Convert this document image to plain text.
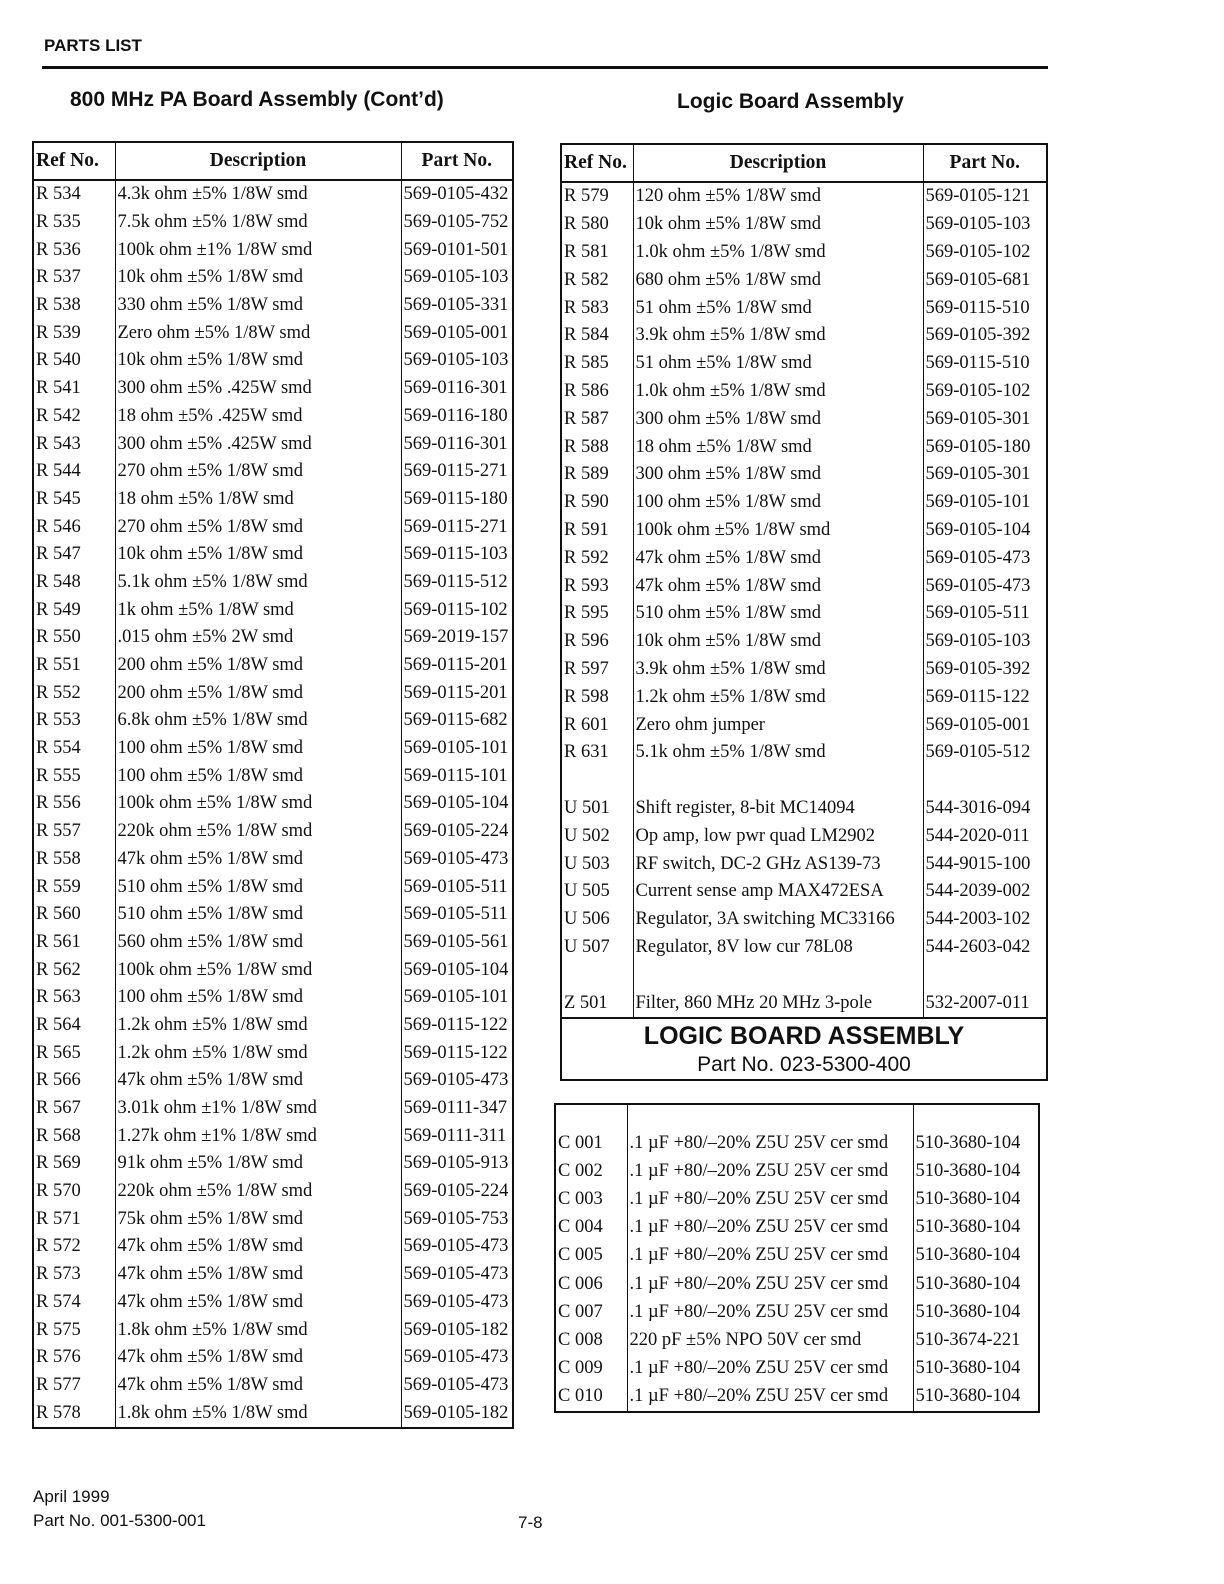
PARTS LIST
800 MHz PA Board Assembly (Cont’d)	Logic Board Assembly
Ref No.	Description	Part No.
R 534	4.3k ohm ±5% 1/8W smd	569-0105-432
R 535	7.5k ohm ±5% 1/8W smd	569-0105-752
R 536	100k ohm ±1% 1/8W smd	569-0101-501
R 537	10k ohm ±5% 1/8W smd	569-0105-103
R 538	330 ohm ±5% 1/8W smd	569-0105-331
R 539	Zero ohm ±5% 1/8W smd	569-0105-001
R 540	10k ohm ±5% 1/8W smd	569-0105-103
R 541	300 ohm ±5% .425W smd	569-0116-301
R 542	18 ohm ±5% .425W smd	569-0116-180
R 543	300 ohm ±5% .425W smd	569-0116-301
R 544	270 ohm ±5% 1/8W smd	569-0115-271
R 545	18 ohm ±5% 1/8W smd	569-0115-180
R 546	270 ohm ±5% 1/8W smd	569-0115-271
R 547	10k ohm ±5% 1/8W smd	569-0115-103
R 548	5.1k ohm ±5% 1/8W smd	569-0115-512
R 549	1k ohm ±5% 1/8W smd	569-0115-102
R 550	.015 ohm ±5% 2W smd	569-2019-157
R 551	200 ohm ±5% 1/8W smd	569-0115-201
R 552	200 ohm ±5% 1/8W smd	569-0115-201
R 553	6.8k ohm ±5% 1/8W smd	569-0115-682
R 554	100 ohm ±5% 1/8W smd	569-0105-101
R 555	100 ohm ±5% 1/8W smd	569-0115-101
R 556	100k ohm ±5% 1/8W smd	569-0105-104
R 557	220k ohm ±5% 1/8W smd	569-0105-224
R 558	47k ohm ±5% 1/8W smd	569-0105-473
R 559	510 ohm ±5% 1/8W smd	569-0105-511
R 560	510 ohm ±5% 1/8W smd	569-0105-511
R 561	560 ohm ±5% 1/8W smd	569-0105-561
R 562	100k ohm ±5% 1/8W smd	569-0105-104
R 563	100 ohm ±5% 1/8W smd	569-0105-101
R 564	1.2k ohm ±5% 1/8W smd	569-0115-122
R 565	1.2k ohm ±5% 1/8W smd	569-0115-122
R 566	47k ohm ±5% 1/8W smd	569-0105-473
R 567	3.01k ohm ±1% 1/8W smd	569-0111-347
R 568	1.27k ohm ±1% 1/8W smd	569-0111-311
R 569	91k ohm ±5% 1/8W smd	569-0105-913
R 570	220k ohm ±5% 1/8W smd	569-0105-224
R 571	75k ohm ±5% 1/8W smd	569-0105-753
R 572	47k ohm ±5% 1/8W smd	569-0105-473
R 573	47k ohm ±5% 1/8W smd	569-0105-473
R 574	47k ohm ±5% 1/8W smd	569-0105-473
R 575	1.8k ohm ±5% 1/8W smd	569-0105-182
R 576	47k ohm ±5% 1/8W smd	569-0105-473
R 577	47k ohm ±5% 1/8W smd	569-0105-473
R 578	1.8k ohm ±5% 1/8W smd	569-0105-182
Ref No.	Description	Part No.
R 579	120 ohm ±5% 1/8W smd	569-0105-121
R 580	10k ohm ±5% 1/8W smd	569-0105-103
R 581	1.0k ohm ±5% 1/8W smd	569-0105-102
R 582	680 ohm ±5% 1/8W smd	569-0105-681
R 583	51 ohm ±5% 1/8W smd	569-0115-510
R 584	3.9k ohm ±5% 1/8W smd	569-0105-392
R 585	51 ohm ±5% 1/8W smd	569-0115-510
R 586	1.0k ohm ±5% 1/8W smd	569-0105-102
R 587	300 ohm ±5% 1/8W smd	569-0105-301
R 588	18 ohm ±5% 1/8W smd	569-0105-180
R 589	300 ohm ±5% 1/8W smd	569-0105-301
R 590	100 ohm ±5% 1/8W smd	569-0105-101
R 591	100k ohm ±5% 1/8W smd	569-0105-104
R 592	47k ohm ±5% 1/8W smd	569-0105-473
R 593	47k ohm ±5% 1/8W smd	569-0105-473
R 595	510 ohm ±5% 1/8W smd	569-0105-511
R 596	10k ohm ±5% 1/8W smd	569-0105-103
R 597	3.9k ohm ±5% 1/8W smd	569-0105-392
R 598	1.2k ohm ±5% 1/8W smd	569-0115-122
R 601	Zero ohm jumper	569-0105-001
R 631	5.1k ohm ±5% 1/8W smd	569-0105-512

U 501	Shift register, 8-bit MC14094	544-3016-094
U 502	Op amp, low pwr quad LM2902	544-2020-011
U 503	RF switch, DC-2 GHz AS139-73	544-9015-100
U 505	Current sense amp MAX472ESA	544-2039-002
U 506	Regulator, 3A switching MC33166	544-2003-102
U 507	Regulator, 8V low cur 78L08	544-2603-042

Z 501	Filter, 860 MHz 20 MHz 3-pole	532-2007-011

LOGIC BOARD ASSEMBLY
Part No. 023-5300-400		

C 001	.1 µF +80/–20% Z5U 25V cer smd	510-3680-104
C 002	.1 µF +80/–20% Z5U 25V cer smd	510-3680-104
C 003	.1 µF +80/–20% Z5U 25V cer smd	510-3680-104
C 004	.1 µF +80/–20% Z5U 25V cer smd	510-3680-104
C 005	.1 µF +80/–20% Z5U 25V cer smd	510-3680-104
C 006	.1 µF +80/–20% Z5U 25V cer smd	510-3680-104
C 007	.1 µF +80/–20% Z5U 25V cer smd	510-3680-104
C 008	220 pF ±5% NPO 50V cer smd	510-3674-221
C 009	.1 µF +80/–20% Z5U 25V cer smd	510-3680-104
C 010	.1 µF +80/–20% Z5U 25V cer smd	510-3680-104
April 1999
Part No. 001-5300-001	7-8
